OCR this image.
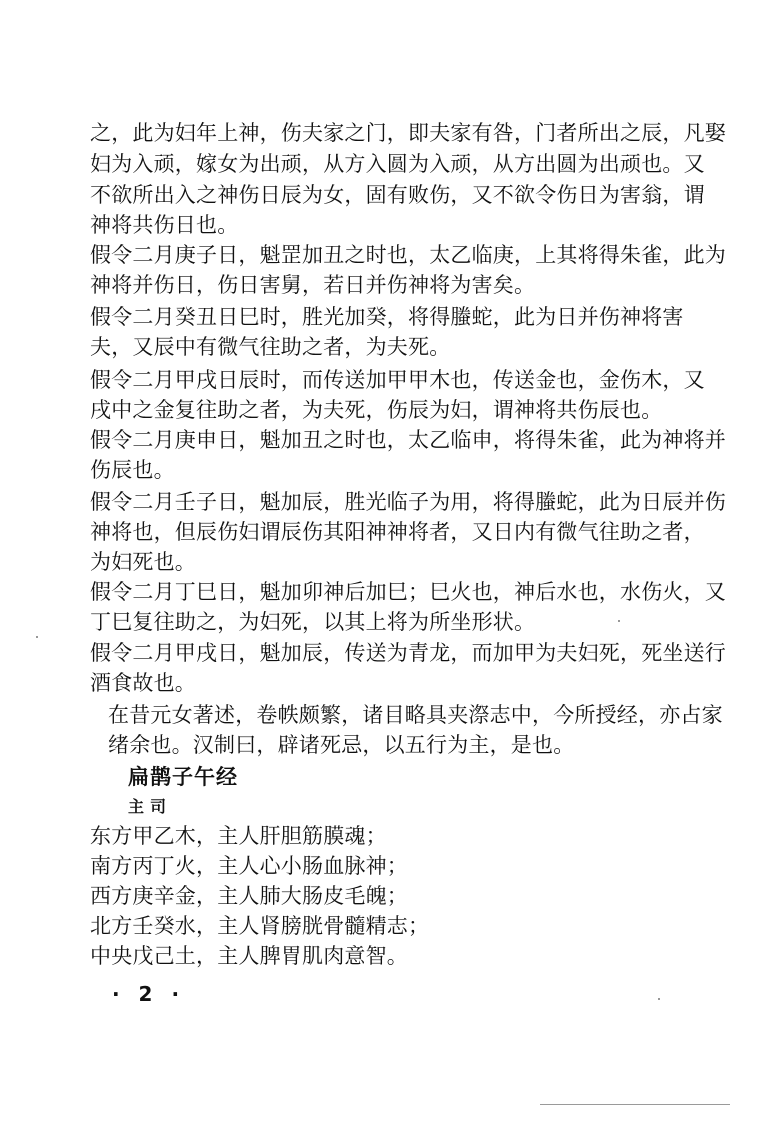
之，此为妇年上神，伤夫家之门，即夫家有咎，门者所出之辰，凡娶
妇为入顽，嫁女为出顽，从方入圆为入顽，从方出圆为出顽也。又
不欲所出入之神伤日辰为女，固有败伤，又不欲令伤日为害翁，谓
神将共伤日也。
假令二月庚子日，魁罡加丑之时也，太乙临庚，上其将得朱雀，此为
神将并伤日，伤日害舅，若日并伤神将为害矣。
假令二月癸丑日巳时，胜光加癸，将得螣蛇，此为日并伤神将害
夫，又辰中有微气往助之者，为夫死。
假令二月甲戌日辰时，而传送加甲甲木也，传送金也，金伤木，又
戌中之金复往助之者，为夫死，伤辰为妇，谓神将共伤辰也。
假令二月庚申日，魁加丑之时也，太乙临申，将得朱雀，此为神将并
伤辰也。
假令二月壬子日，魁加辰，胜光临子为用，将得螣蛇，此为日辰并伤
神将也，但辰伤妇谓辰伤其阳神神将者，又日内有微气往助之者，
为妇死也。
假令二月丁巳日，魁加卯神后加巳；巳火也，神后水也，水伤火，又
丁巳复往助之，为妇死，以其上将为所坐形状。
假令二月甲戌日，魁加辰，传送为青龙，而加甲为夫妇死，死坐送行
酒食故也。
在昔元女著述，卷帙颇繁，诸目略具夹漈志中，今所授经，亦占家
绪余也。汉制曰，辟诸死忌，以五行为主，是也。
扁鹊子午经
主司
东方甲乙木，主人肝胆筋膜魂；
南方丙丁火，主人心小肠血脉神；
西方庚辛金，主人肺大肠皮毛魄；
北方壬癸水，主人肾膀胱骨髓精志；
中央戊己土，主人脾胃肌肉意智。
· 2 ·
